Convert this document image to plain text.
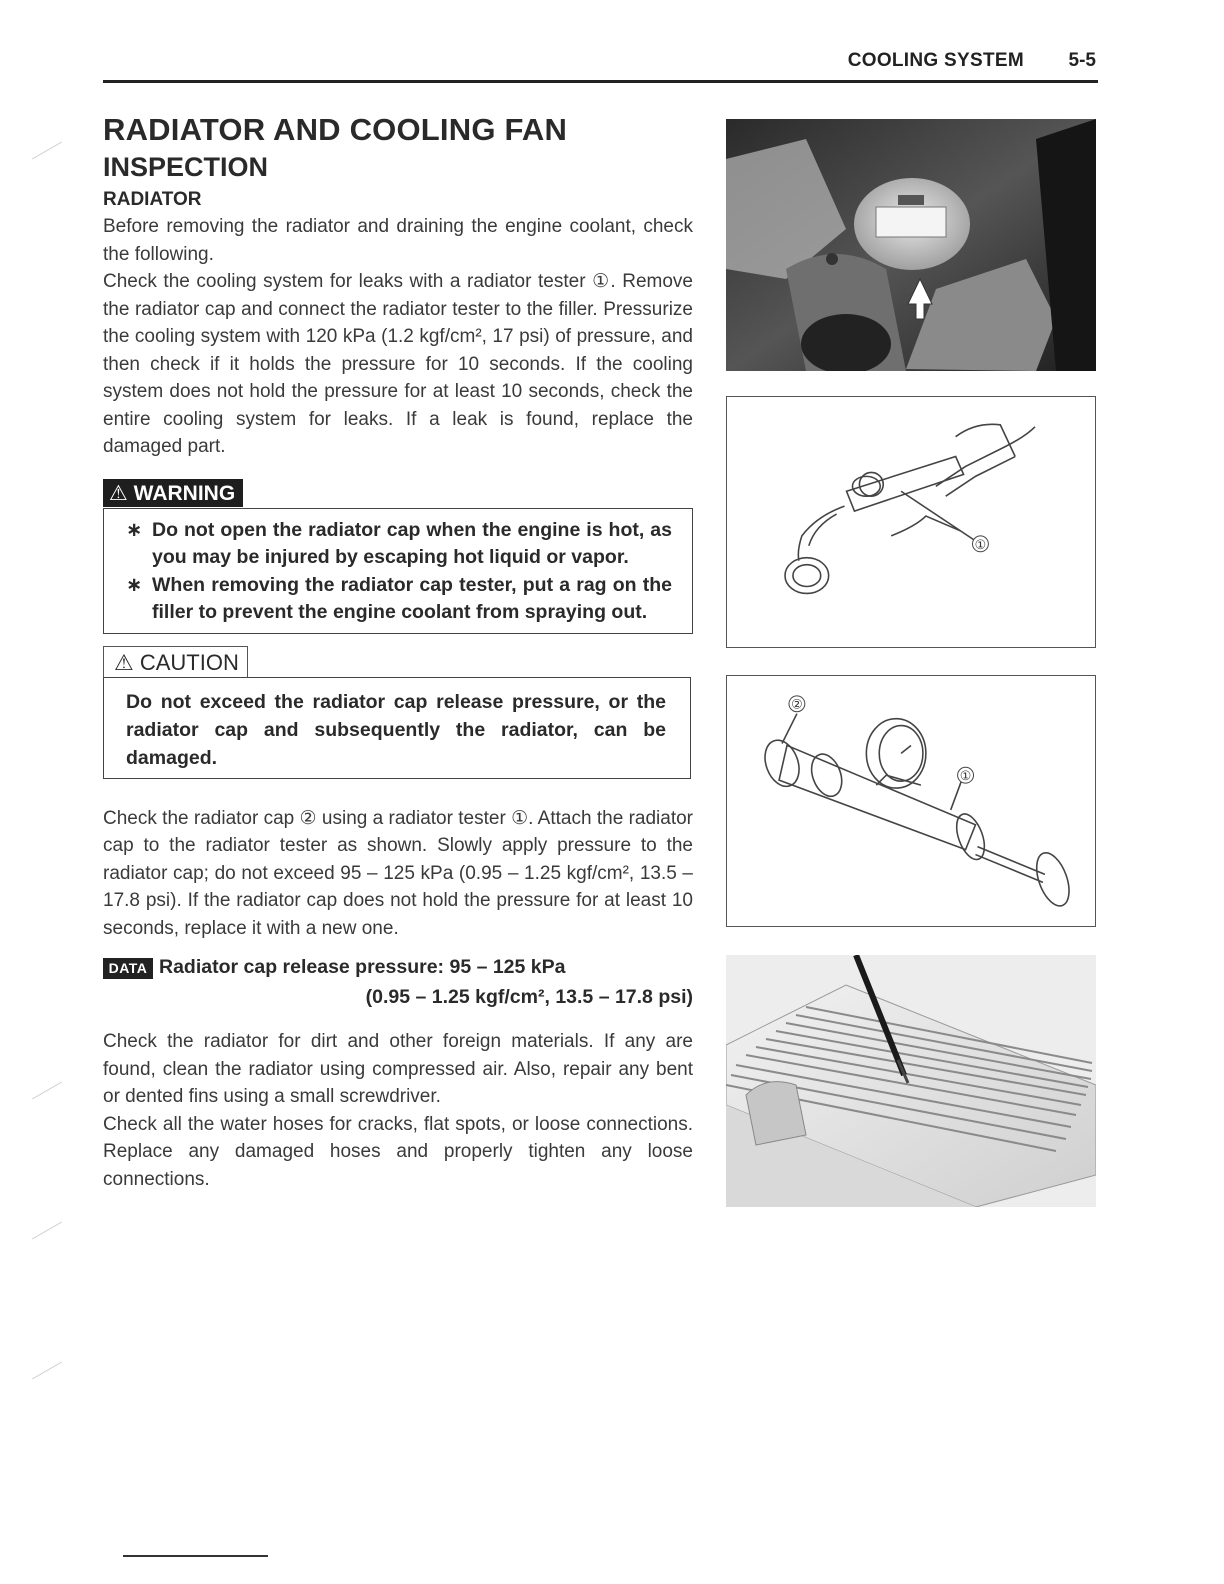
COOLING SYSTEM 5-5
RADIATOR AND COOLING FAN
INSPECTION
RADIATOR

Before removing the radiator and draining the engine coolant, check the following.

Check the cooling system for leaks with a radiator tester ①. Remove the radiator cap and connect the radiator tester to the filler. Pressurize the cooling system with 120 kPa (1.2 kgf/cm², 17 psi) of pressure, and then check if it holds the pressure for 10 seconds. If the cooling system does not hold the pressure for at least 10 seconds, check the entire cooling system for leaks. If a leak is found, replace the damaged part.

⚠ WARNING
∗ Do not open the radiator cap when the engine is hot, as you may be injured by escaping hot liquid or vapor.
∗ When removing the radiator cap tester, put a rag on the filler to prevent the engine coolant from spraying out.
⚠ CAUTION
Do not exceed the radiator cap release pressure, or the radiator cap and subsequently the radiator, can be damaged.

Check the radiator cap ② using a radiator tester ①. Attach the radiator cap to the radiator tester as shown. Slowly apply pressure to the radiator cap; do not exceed 95 – 125 kPa (0.95 – 1.25 kgf/cm², 13.5 – 17.8 psi). If the radiator cap does not hold the pressure for at least 10 seconds, replace it with a new one.

DATA Radiator cap release pressure: 95 – 125 kPa
(0.95 – 1.25 kgf/cm², 13.5 – 17.8 psi)

Check the radiator for dirt and other foreign materials. If any are found, clean the radiator using compressed air. Also, repair any bent or dented fins using a small screwdriver.

Check all the water hoses for cracks, flat spots, or loose connections. Replace any damaged hoses and properly tighten any loose connections.

①
②
①
